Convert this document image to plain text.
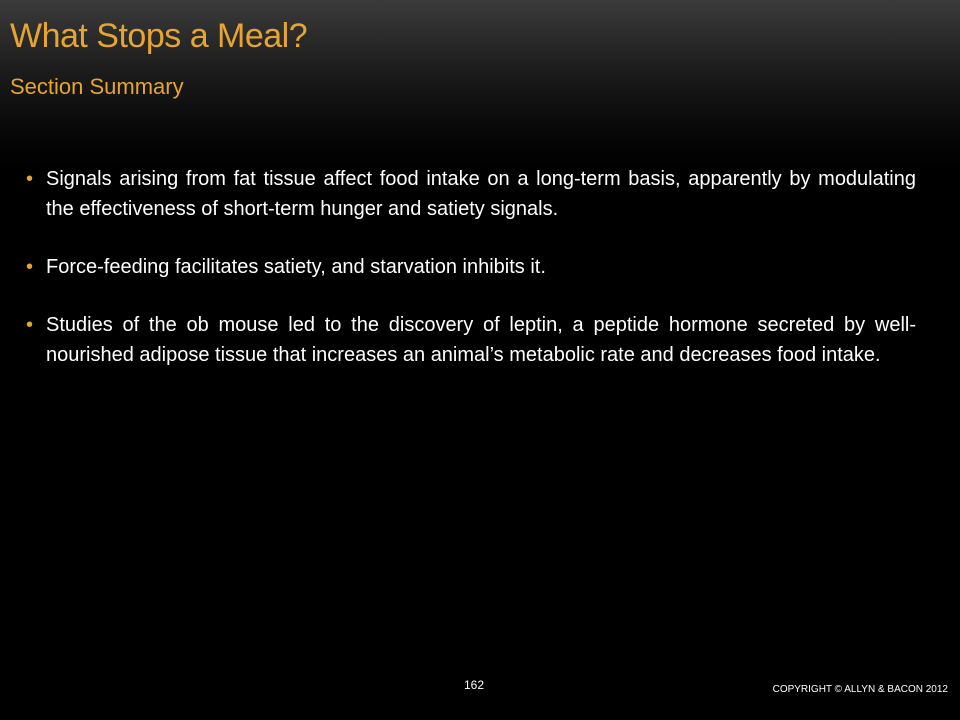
What Stops a Meal?
Section Summary
• Signals arising from fat tissue affect food intake on a long-term basis, apparently by modulating the effectiveness of short-term hunger and satiety signals.
• Force-feeding facilitates satiety, and starvation inhibits it.
• Studies of the ob mouse led to the discovery of leptin, a peptide hormone secreted by well-nourished adipose tissue that increases an animal’s metabolic rate and decreases food intake.
162	COPYRIGHT © ALLYN & BACON 2012
